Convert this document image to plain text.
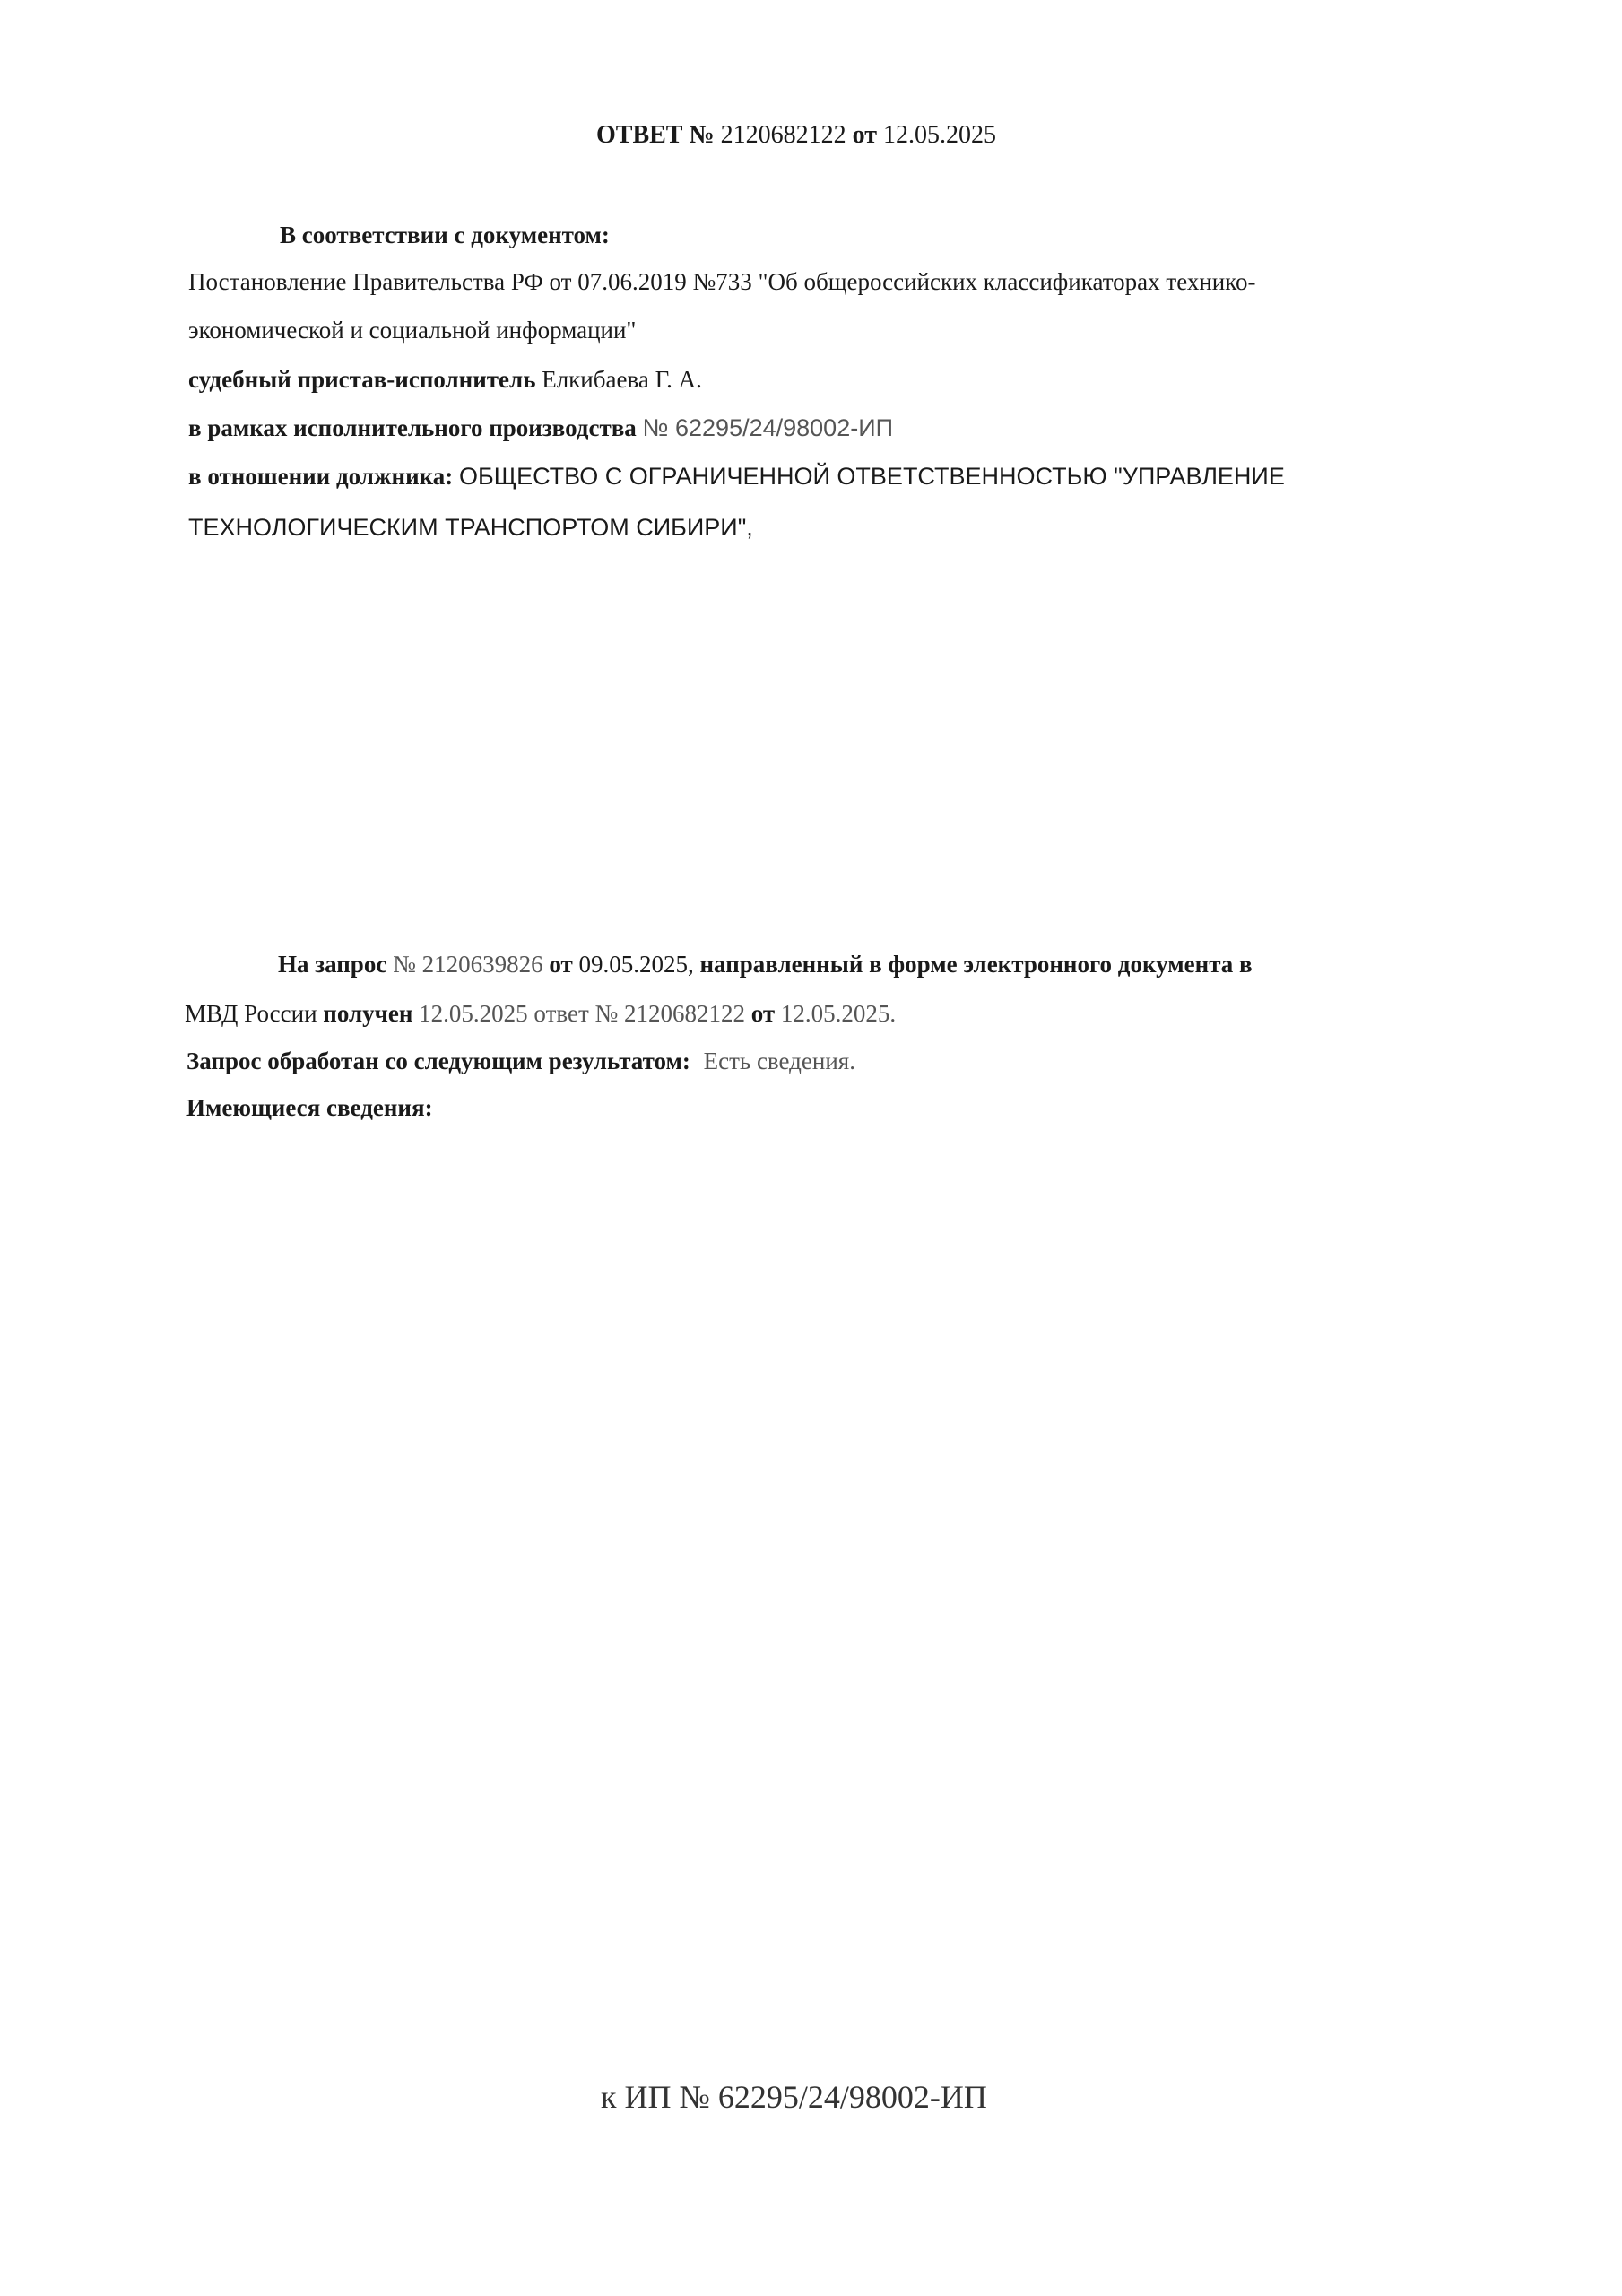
ОТВЕТ № 2120682122 от 12.05.2025
В соответствии с документом:
Постановление Правительства РФ от 07.06.2019 №733 "Об общероссийских классификаторах технико-
экономической и социальной информации"
судебный пристав-исполнитель Елкибаева Г. А.
в рамках исполнительного производства № 62295/24/98002-ИП
в отношении должника: ОБЩЕСТВО С ОГРАНИЧЕННОЙ ОТВЕТСТВЕННОСТЬЮ "УПРАВЛЕНИЕ
ТЕХНОЛОГИЧЕСКИМ ТРАНСПОРТОМ СИБИРИ",
На запрос № 2120639826 от 09.05.2025, направленный в форме электронного документа в
МВД России получен 12.05.2025 ответ № 2120682122 от 12.05.2025.
Запрос обработан со следующим результатом: Есть сведения.
Имеющиеся сведения:
к ИП № 62295/24/98002-ИП
